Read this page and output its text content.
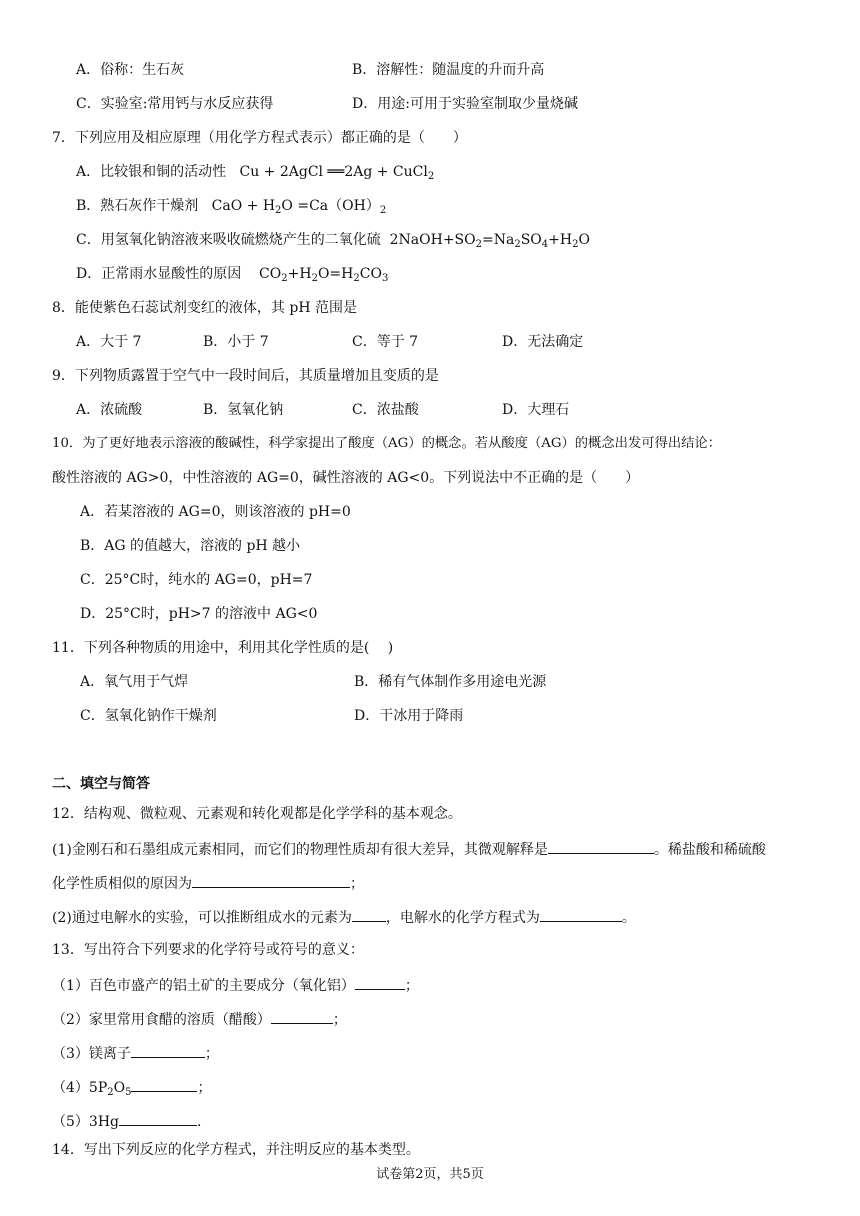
A．俗称：生石灰	B．溶解性：随温度的升而升高
C．实验室:常用钙与水反应获得	D．用途:可用于实验室制取少量烧碱
7．下列应用及相应原理（用化学方程式表示）都正确的是（　　）
A．比较银和铜的活动性 Cu + 2AgCl ══2Ag + CuCl$_2$
B．熟石灰作干燥剂 CaO + $H_2O =Ca(OH)_2$
C．用氢氧化钠溶液来吸收硫燃烧产生的二氧化硫 $2NaOH+SO_2=Na_2SO_4+H_2O$
D．正常雨水显酸性的原因 $CO_2+H_2O=H_2CO_3$
8．能使紫色石蕊试剂变红的液体，其 pH 范围是
A．大于 7	B．小于 7	C．等于 7	D．无法确定
9．下列物质露置于空气中一段时间后，其质量增加且变质的是
A．浓硫酸	B．氢氧化钠	C．浓盐酸	D．大理石
10．为了更好地表示溶液的酸碱性，科学家提出了酸度（AG）的概念。若从酸度（AG）的概念出发可得出结论：
酸性溶液的 AG>0，中性溶液的 AG=0，碱性溶液的 AG<0。下列说法中不正确的是（　　）
A．若某溶液的 AG=0，则该溶液的 pH=0
B．AG 的值越大，溶液的 pH 越小
C．25°C时，纯水的 AG=0，pH=7
D．25°C时，pH>7 的溶液中 AG<0
11．下列各种物质的用途中，利用其化学性质的是(　 )
A．氧气用于气焊	B．稀有气体制作多用途电光源
C．氢氧化钠作干燥剂	D．干冰用于降雨
二、填空与简答
12．结构观、微粒观、元素观和转化观都是化学学科的基本观念。
(1)金刚石和石墨组成元素相同，而它们的物理性质却有很大差异，其微观解释是	。稀盐酸和稀硫酸
化学性质相似的原因为	；
(2)通过电解水的实验，可以推断组成水的元素为 ，电解水的化学方程式为	。
13．写出符合下列要求的化学符号或符号的意义：
（1）百色市盛产的铝土矿的主要成分（氧化铝）	；
（2）家里常用食醋的溶质（醋酸）	；
（3）镁离子	；
$(4)5P_2O_5$	；
（5）3Hg	.
14．写出下列反应的化学方程式，并注明反应的基本类型。
试卷第2页，共5页
